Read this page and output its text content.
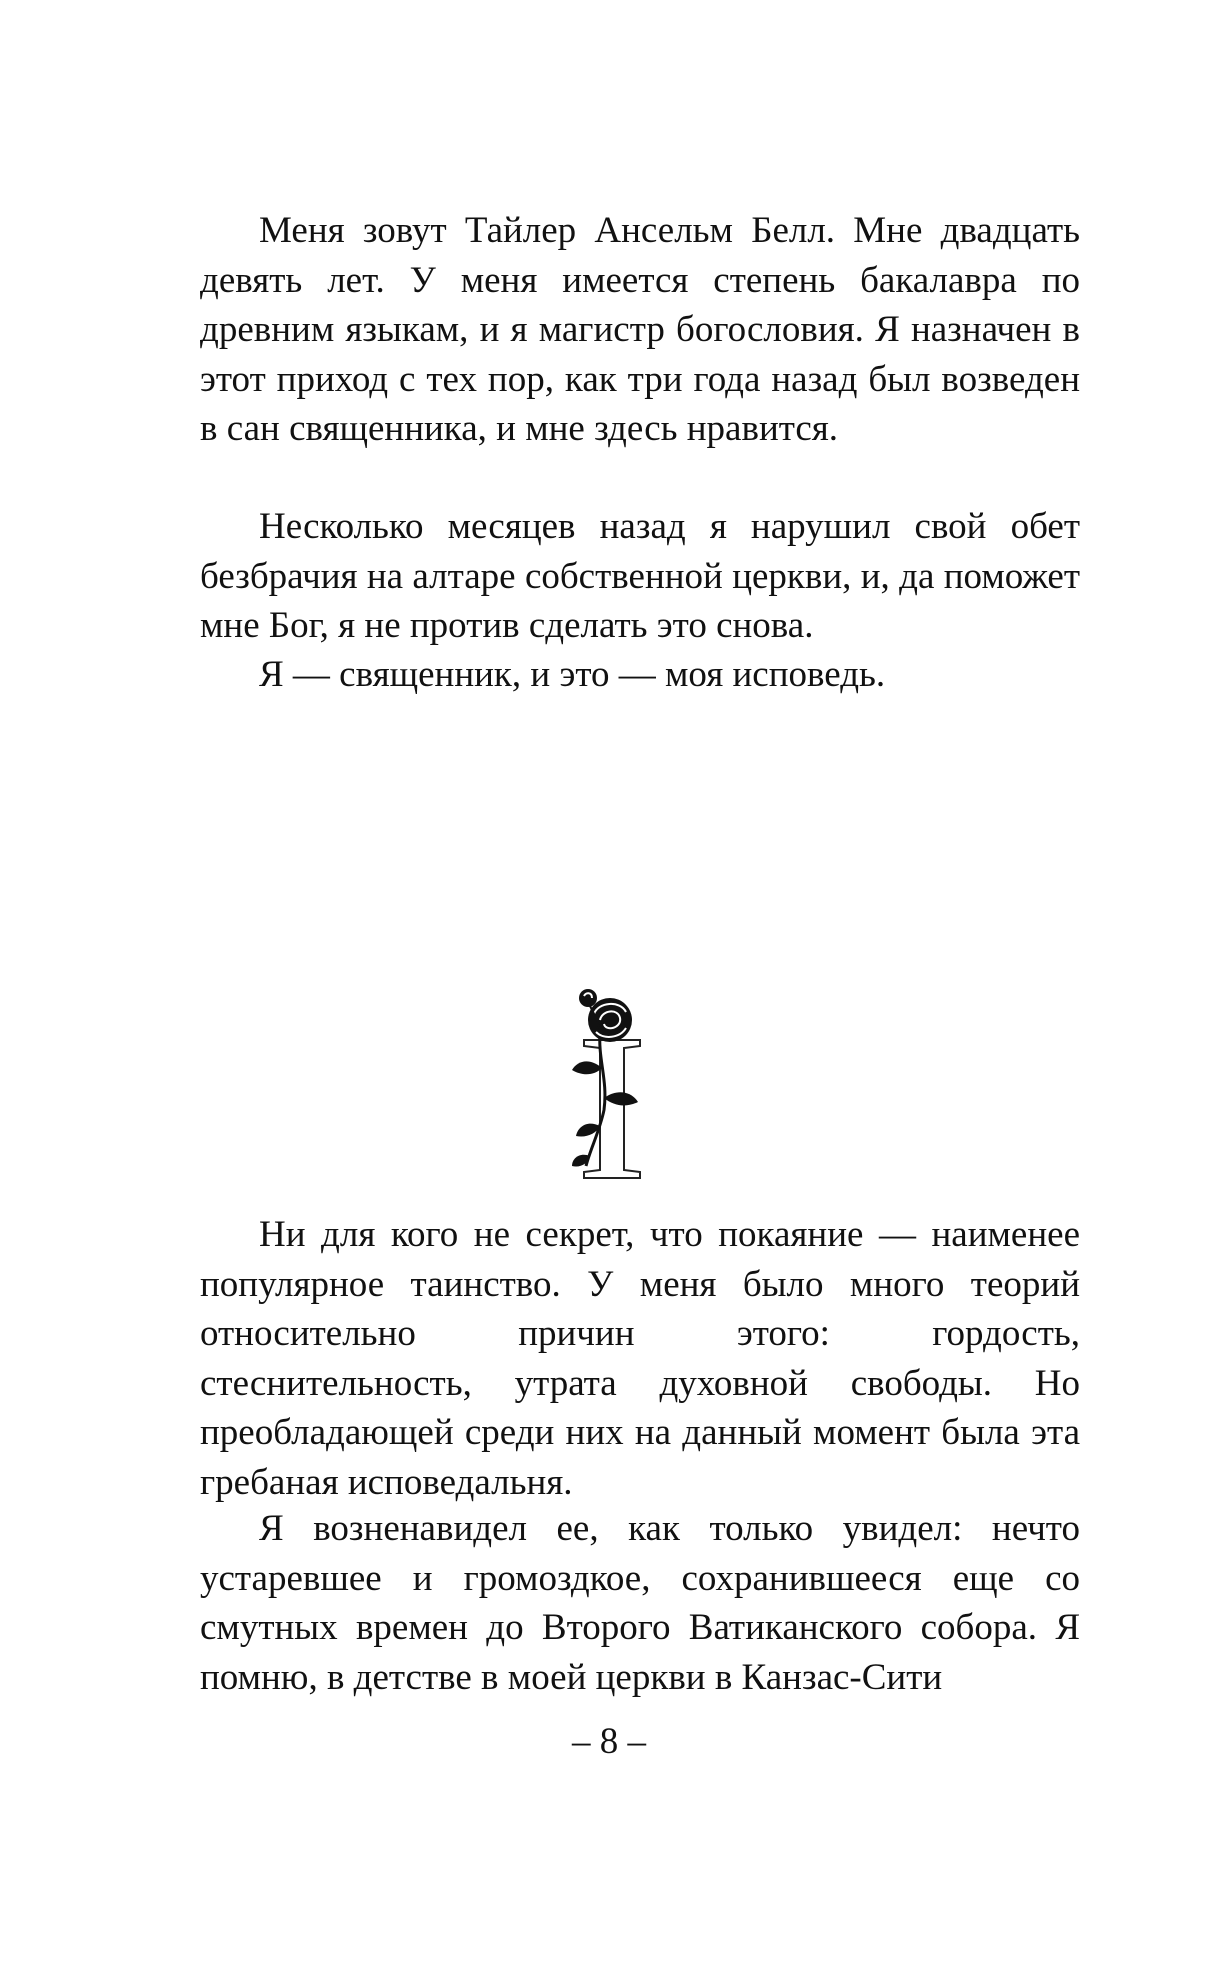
Меня зовут Тайлер Ансельм Белл. Мне двадцать девять лет. У меня имеется степень бакалавра по древним языкам, и я магистр богословия. Я назначен в этот приход с тех пор, как три года назад был возведен в сан священника, и мне здесь нравится.

Несколько месяцев назад я нарушил свой обет безбрачия на алтаре собственной церкви, и, да поможет мне Бог, я не против сделать это снова.

Я — священник, и это — моя исповедь.

Ни для кого не секрет, что покаяние — наименее популярное таинство. У меня было много теорий относительно причин этого: гордость, стеснительность, утрата духовной свободы. Но преобладающей среди них на данный момент была эта гребаная исповедальня.

Я возненавидел ее, как только увидел: нечто устаревшее и громоздкое, сохранившееся еще со смутных времен до Второго Ватиканского собора. Я помню, в детстве в моей церкви в Канзас-Сити

– 8 –
